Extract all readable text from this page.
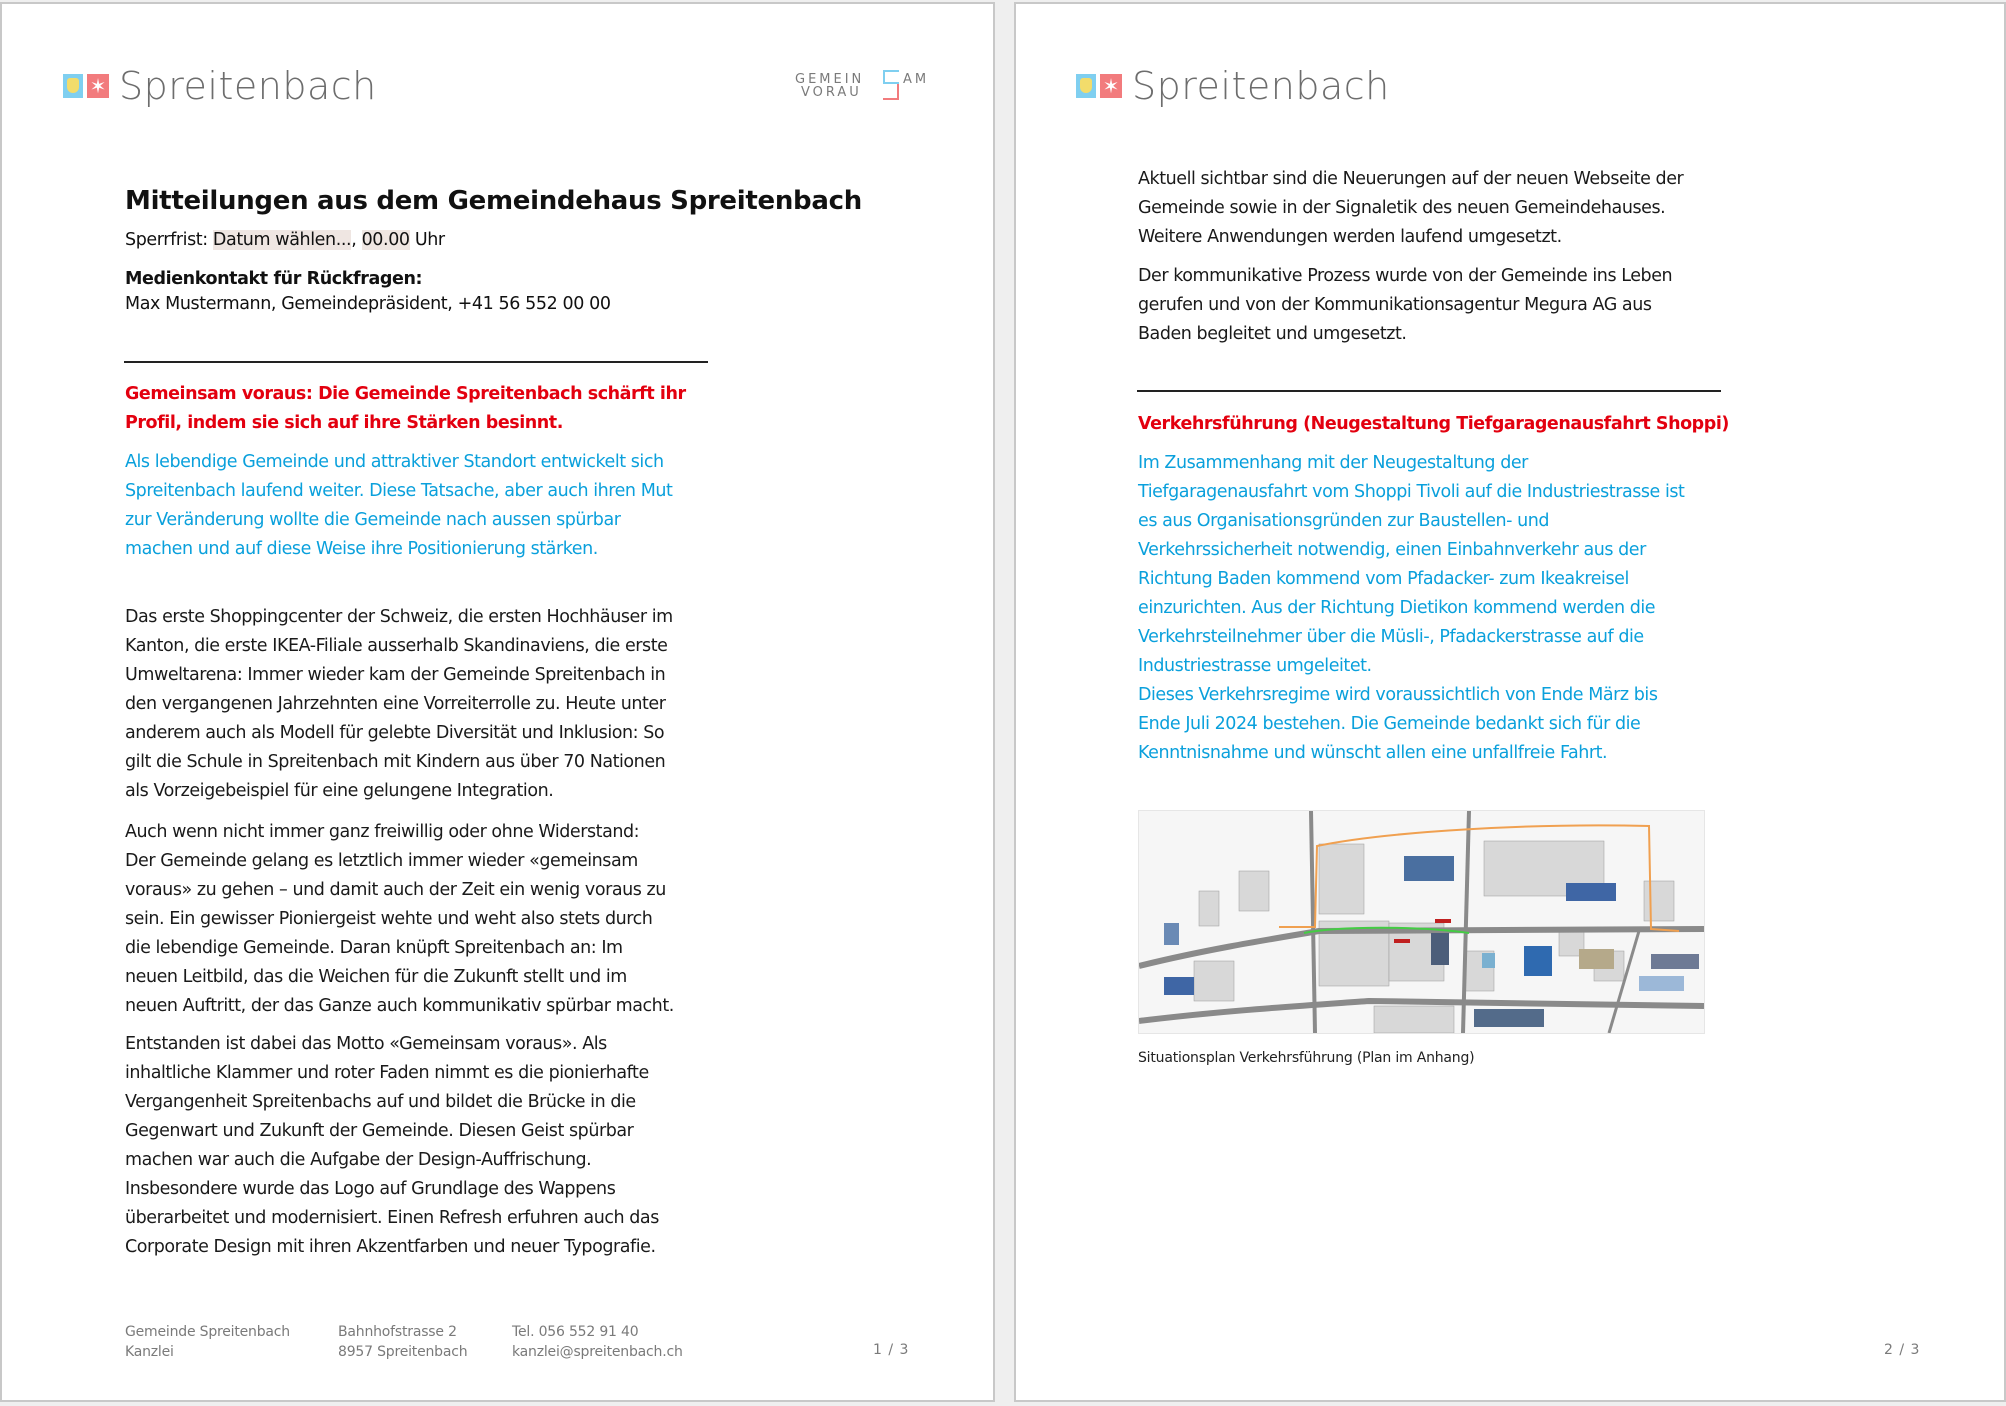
✶ Spreitenbach	GEMEIN
VORAU
AM
Mitteilungen aus dem Gemeindehaus Spreitenbach
Sperrfrist: Datum wählen..., 00.00 Uhr
Medienkontakt für Rückfragen:
Max Mustermann, Gemeindepräsident, +41 56 552 00 00
Gemeinsam voraus: Die Gemeinde Spreitenbach schärft ihr
Profil, indem sie sich auf ihre Stärken besinnt.
Als lebendige Gemeinde und attraktiver Standort entwickelt sich
Spreitenbach laufend weiter. Diese Tatsache, aber auch ihren Mut
zur Veränderung wollte die Gemeinde nach aussen spürbar
machen und auf diese Weise ihre Positionierung stärken.
Das erste Shoppingcenter der Schweiz, die ersten Hochhäuser im
Kanton, die erste IKEA-Filiale ausserhalb Skandinaviens, die erste
Umweltarena: Immer wieder kam der Gemeinde Spreitenbach in
den vergangenen Jahrzehnten eine Vorreiterrolle zu. Heute unter
anderem auch als Modell für gelebte Diversität und Inklusion: So
gilt die Schule in Spreitenbach mit Kindern aus über 70 Nationen
als Vorzeigebeispiel für eine gelungene Integration.
Auch wenn nicht immer ganz freiwillig oder ohne Widerstand:
Der Gemeinde gelang es letztlich immer wieder «gemeinsam
voraus» zu gehen – und damit auch der Zeit ein wenig voraus zu
sein. Ein gewisser Pioniergeist wehte und weht also stets durch
die lebendige Gemeinde. Daran knüpft Spreitenbach an: Im
neuen Leitbild, das die Weichen für die Zukunft stellt und im
neuen Auftritt, der das Ganze auch kommunikativ spürbar macht.
Entstanden ist dabei das Motto «Gemeinsam voraus». Als
inhaltliche Klammer und roter Faden nimmt es die pionierhafte
Vergangenheit Spreitenbachs auf und bildet die Brücke in die
Gegenwart und Zukunft der Gemeinde. Diesen Geist spürbar
machen war auch die Aufgabe der Design-Auffrischung.
Insbesondere wurde das Logo auf Grundlage des Wappens
überarbeitet und modernisiert. Einen Refresh erfuhren auch das
Corporate Design mit ihren Akzentfarben und neuer Typografie.
Gemeinde Spreitenbach
Kanzlei
Bahnhofstrasse 2
8957 Spreitenbach
Tel. 056 552 91 40
kanzlei@spreitenbach.ch	1 / 3
✶ Spreitenbach
Aktuell sichtbar sind die Neuerungen auf der neuen Webseite der
Gemeinde sowie in der Signaletik des neuen Gemeindehauses.
Weitere Anwendungen werden laufend umgesetzt.
Der kommunikative Prozess wurde von der Gemeinde ins Leben
gerufen und von der Kommunikationsagentur Megura AG aus
Baden begleitet und umgesetzt.
Verkehrsführung (Neugestaltung Tiefgaragenausfahrt Shoppi)
Im Zusammenhang mit der Neugestaltung der
Tiefgaragenausfahrt vom Shoppi Tivoli auf die Industriestrasse ist
es aus Organisationsgründen zur Baustellen- und
Verkehrssicherheit notwendig, einen Einbahnverkehr aus der
Richtung Baden kommend vom Pfadacker- zum Ikeakreisel
einzurichten. Aus der Richtung Dietikon kommend werden die
Verkehrsteilnehmer über die Müsli-, Pfadackerstrasse auf die
Industriestrasse umgeleitet.
Dieses Verkehrsregime wird voraussichtlich von Ende März bis
Ende Juli 2024 bestehen. Die Gemeinde bedankt sich für die
Kenntnisnahme und wünscht allen eine unfallfreie Fahrt.
Situationsplan Verkehrsführung (Plan im Anhang)
2 / 3
